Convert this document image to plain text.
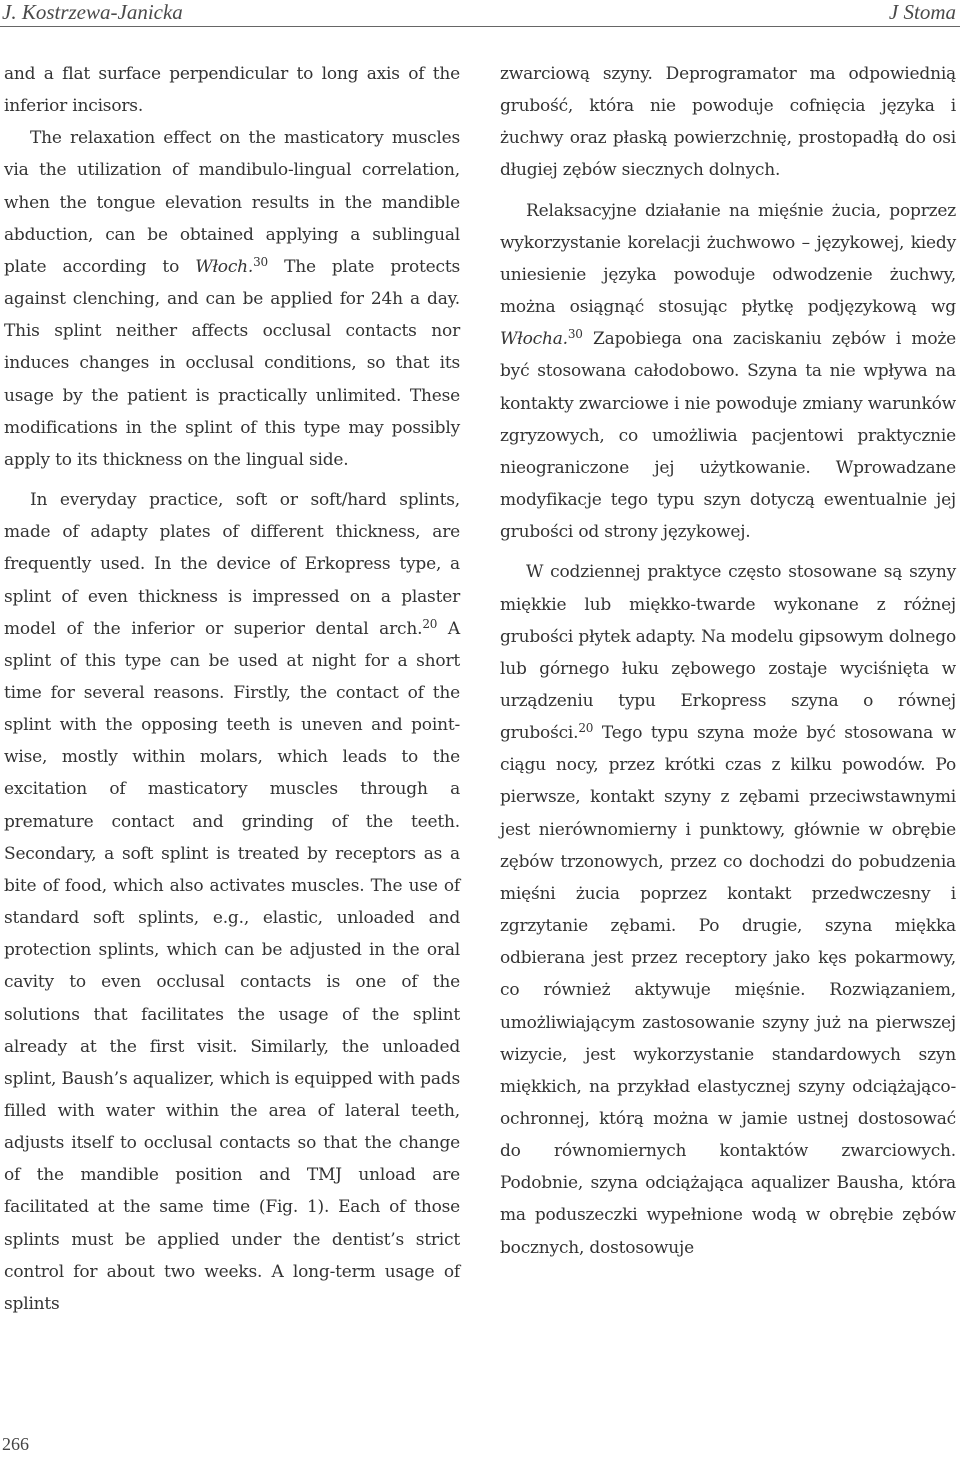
J. Kostrzewa-Janicka	J Stoma

and a flat surface perpendicular to long axis of the inferior incisors.

The relaxation effect on the masticatory muscles via the utilization of mandibulo-lingual correlation, when the tongue elevation results in the mandible abduction, can be obtained applying a sublingual plate according to Włoch.$^{30}$ The plate protects against clenching, and can be applied for 24h a day. This splint neither affects occlusal contacts nor induces changes in occlusal conditions, so that its usage by the patient is practically unlimited. These modifications in the splint of this type may possibly apply to its thickness on the lingual side.

In everyday practice, soft or soft/hard splints, made of adapty plates of different thickness, are frequently used. In the device of Erkopress type, a splint of even thickness is impressed on a plaster model of the inferior or superior dental arch.$^{20}$ A splint of this type can be used at night for a short time for several reasons. Firstly, the contact of the splint with the opposing teeth is uneven and point-wise, mostly within molars, which leads to the excitation of masticatory muscles through a premature contact and grinding of the teeth. Secondary, a soft splint is treated by receptors as a bite of food, which also activates muscles. The use of standard soft splints, e.g., elastic, unloaded and protection splints, which can be adjusted in the oral cavity to even occlusal contacts is one of the solutions that facilitates the usage of the splint already at the first visit. Similarly, the unloaded splint, Baush’s aqualizer, which is equipped with pads filled with water within the area of lateral teeth, adjusts itself to occlusal contacts so that the change of the mandible position and TMJ unload are facilitated at the same time (Fig. 1). Each of those splints must be applied under the dentist’s strict control for about two weeks. A long-term usage of splints

zwarciową szyny. Deprogramator ma odpowiednią grubość, która nie powoduje cofnięcia języka i żuchwy oraz płaską powierzchnię, prostopadłą do osi długiej zębów siecznych dolnych.

Relaksacyjne działanie na mięśnie żucia, poprzez wykorzystanie korelacji żuchwowo – językowej, kiedy uniesienie języka powoduje odwodzenie żuchwy, można osiągnąć stosując płytkę podjęzykową wg Włocha.$^{30}$ Zapobiega ona zaciskaniu zębów i może być stosowana całodobowo. Szyna ta nie wpływa na kontakty zwarciowe i nie powoduje zmiany warunków zgryzowych, co umożliwia pacjentowi praktycznie nieograniczone jej użytkowanie. Wprowadzane modyfikacje tego typu szyn dotyczą ewentualnie jej grubości od strony językowej.

W codziennej praktyce często stosowane są szyny miękkie lub miękko-twarde wykonane z różnej grubości płytek adapty. Na modelu gipsowym dolnego lub górnego łuku zębowego zostaje wyciśnięta w urządzeniu typu Erkopress szyna o równej grubości.$^{20}$ Tego typu szyna może być stosowana w ciągu nocy, przez krótki czas z kilku powodów. Po pierwsze, kontakt szyny z zębami przeciwstawnymi jest nierównomierny i punktowy, głównie w obrębie zębów trzonowych, przez co dochodzi do pobudzenia mięśni żucia poprzez kontakt przedwczesny i zgrzytanie zębami. Po drugie, szyna miękka odbierana jest przez receptory jako kęs pokarmowy, co również aktywuje mięśnie. Rozwiązaniem, umożliwiającym zastosowanie szyny już na pierwszej wizycie, jest wykorzystanie standardowych szyn miękkich, na przykład elastycznej szyny odciążająco-ochronnej, którą można w jamie ustnej dostosować do równomiernych kontaktów zwarciowych. Podobnie, szyna odciążająca aqualizer Bausha, która ma poduszeczki wypełnione wodą w obrębie zębów bocznych, dostosowuje

266
